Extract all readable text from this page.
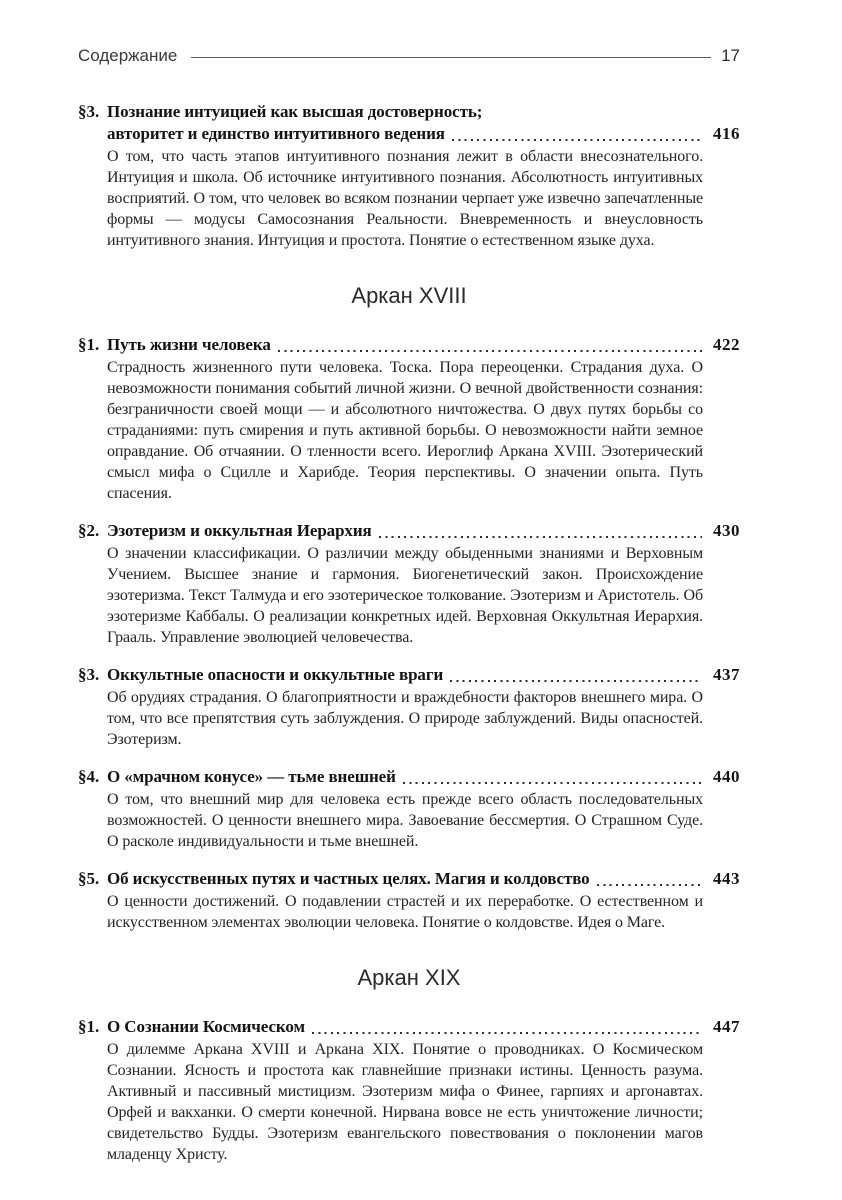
Содержание	17
§3. Познание интуицией как высшая достоверность;
авторитет и единство интуитивного ведения	416

О том, что часть этапов интуитивного познания лежит в области внесознательного. Интуиция и школа. Об источнике интуитивного познания. Абсолютность интуитивных восприятий. О том, что человек во всяком познании черпает уже извечно запечатленные формы — модусы Самосознания Реальности. Вневременность и внеусловность интуитивного знания. Интуиция и простота. Понятие о естественном языке духа.

Аркан XVIII
§1. Путь жизни человека	422

Страдность жизненного пути человека. Тоска. Пора переоценки. Страдания духа. О невозможности понимания событий личной жизни. О вечной двойственности сознания: безграничности своей мощи — и абсолютного ничтожества. О двух путях борьбы со страданиями: путь смирения и путь активной борьбы. О невозможности найти земное оправдание. Об отчаянии. О тленности всего. Иероглиф Аркана XVIII. Эзотерический смысл мифа о Сцилле и Харибде. Теория перспективы. О значении опыта. Путь спасения.

§2. Эзотеризм и оккультная Иерархия	430

О значении классификации. О различии между обыденными знаниями и Верховным Учением. Высшее знание и гармония. Биогенетический закон. Происхождение эзотеризма. Текст Талмуда и его эзотерическое толкование. Эзотеризм и Аристотель. Об эзотеризме Каббалы. О реализации конкретных идей. Верховная Оккультная Иерархия. Грааль. Управление эволюцией человечества.

§3. Оккультные опасности и оккультные враги	437

Об орудиях страдания. О благоприятности и враждебности факторов внешнего мира. О том, что все препятствия суть заблуждения. О природе заблуждений. Виды опасностей. Эзотеризм.

§4. О «мрачном конусе» — тьме внешней	440

О том, что внешний мир для человека есть прежде всего область последовательных возможностей. О ценности внешнего мира. Завоевание бессмертия. О Страшном Суде. О расколе индивидуальности и тьме внешней.

§5. Об искусственных путях и частных целях. Магия и колдовство	443

О ценности достижений. О подавлении страстей и их переработке. О естественном и искусственном элементах эволюции человека. Понятие о колдовстве. Идея о Маге.

Аркан XIX
§1. О Сознании Космическом	447

О дилемме Аркана XVIII и Аркана XIX. Понятие о проводниках. О Космическом Сознании. Ясность и простота как главнейшие признаки истины. Ценность разума. Активный и пассивный мистицизм. Эзотеризм мифа о Финее, гарпиях и аргонавтах. Орфей и вакханки. О смерти конечной. Нирвана вовсе не есть уничтожение личности; свидетельство Будды. Эзотеризм евангельского повествования о поклонении магов младенцу Христу.
